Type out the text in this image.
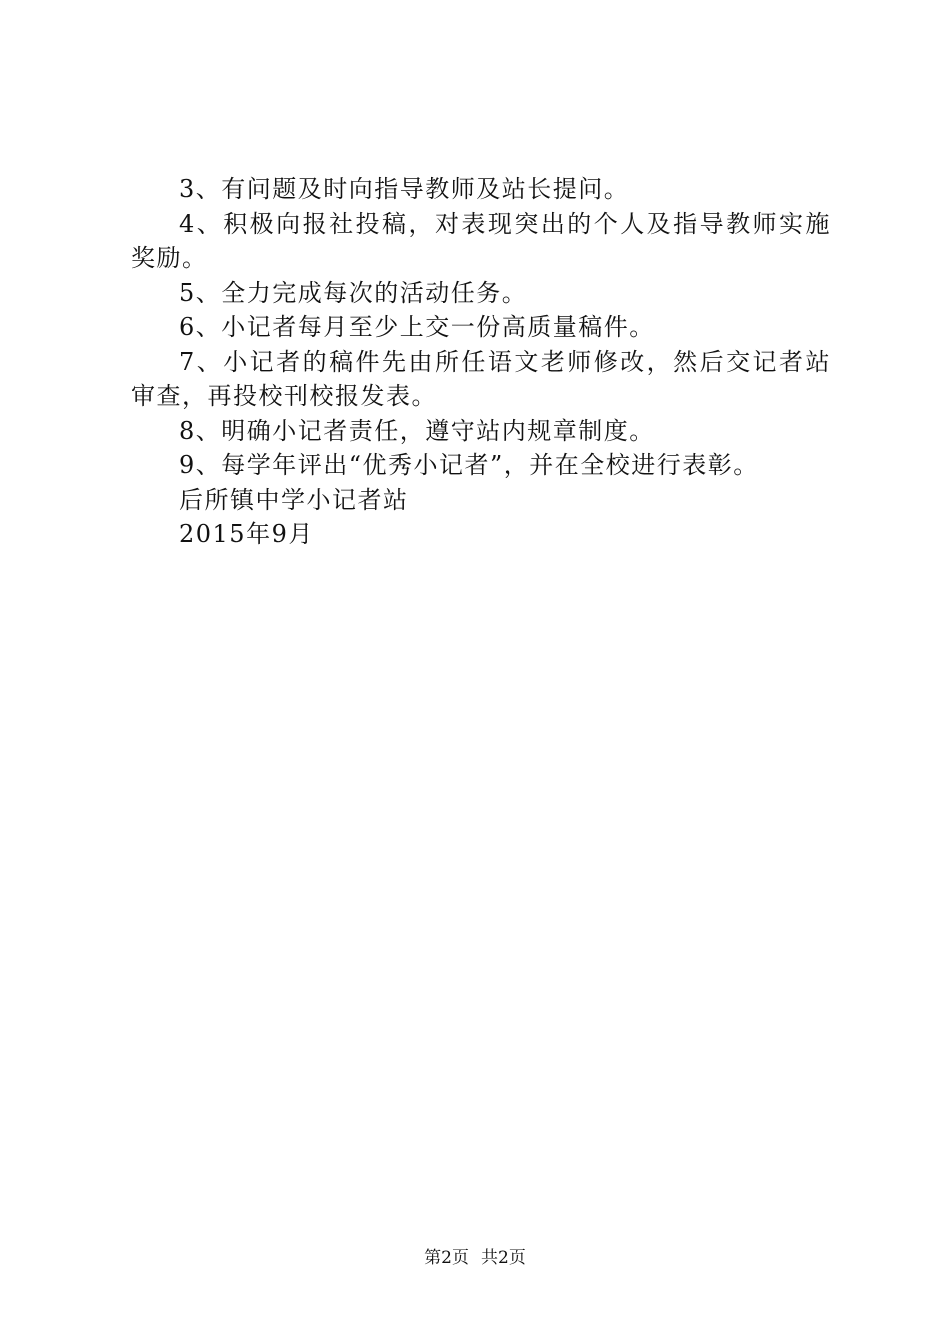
3、有问题及时向指导教师及站长提问。

4、积极向报社投稿，对表现突出的个人及指导教师实施奖励。

5、全力完成每次的活动任务。

6、小记者每月至少上交一份高质量稿件。

7、小记者的稿件先由所任语文老师修改，然后交记者站审查，再投校刊校报发表。

8、明确小记者责任，遵守站内规章制度。

9、每学年评出“优秀小记者”，并在全校进行表彰。

后所镇中学小记者站

2015年9月

第2页 共2页
